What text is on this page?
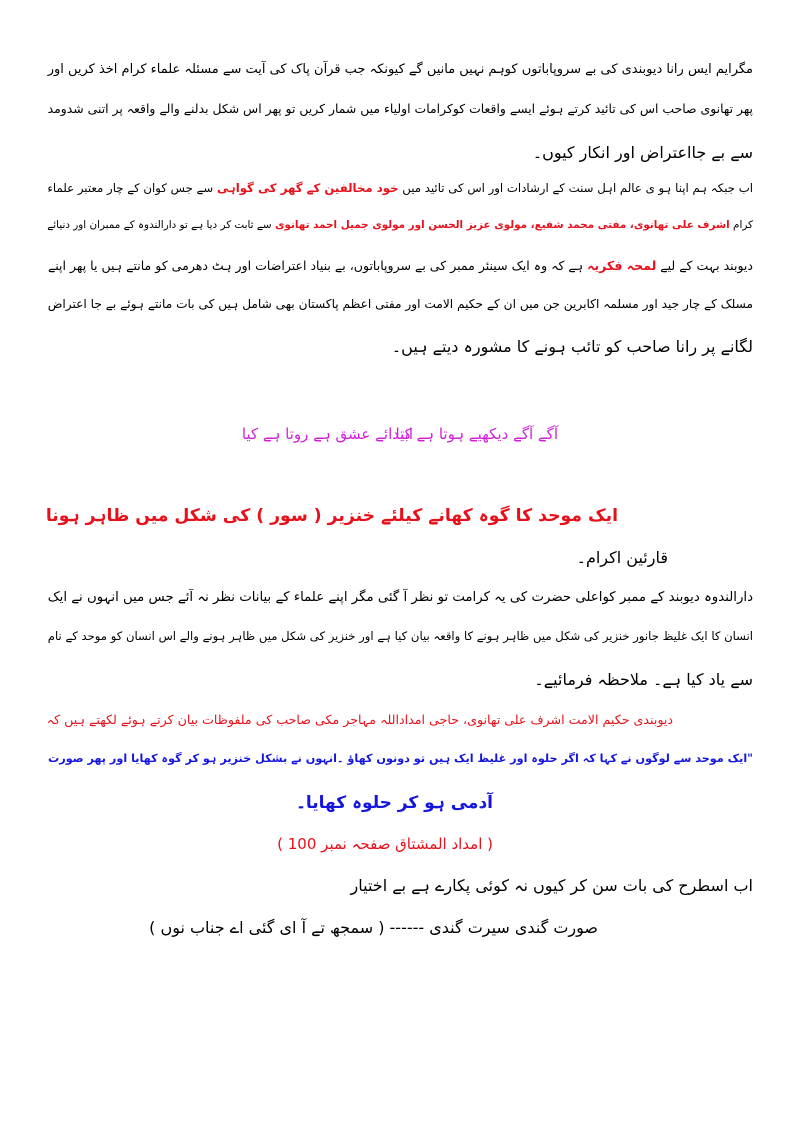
مگرایم ایس رانا دیوبندی کی بے سروپاباتوں کوہم نہیں مانیں گے کیونکہ جب قرآن پاک کی آیت سے مسئلہ علماء کرام اخذ کریں اور
پھر تھانوی صاحب اس کی تائید کرتے ہوئے ایسے واقعات کوکرامات اولیاء میں شمار کریں تو پھر اس شکل بدلنے والے واقعہ پر اتنی شدومد
سے بے جااعتراض اور انکار کیوں۔
اب جبکہ ہم اپنا ہو ی عالم اہل سنت کے ارشادات اور اس کی تائید میں خود مخالفین کے گھر کی گواہی سے جس کوان کے چار معتبر علماء
کرام اشرف علی تھانوی، مفتی محمد شفیع، مولوی عزیز الحسن اور مولوی جمیل احمد تھانوی سے ثابت کر دیا ہے تو دارالندوہ کے ممبران اور دنیائے
دیوبند بہت کے لیے لمحہ فکریہ ہے کہ وہ ایک سینئر ممبر کی بے سروپاباتوں، بے بنیاد اعتراضات اور ہٹ دھرمی کو مانتے ہیں یا پھر اپنے
مسلک کے چار جید اور مسلمہ اکابرین جن میں ان کے حکیم الامت اور مفتی اعظم پاکستان بھی شامل ہیں کی بات مانتے ہوئے بے جا اعتراض
لگانے پر رانا صاحب کو تائب ہونے کا مشورہ دیتے ہیں۔
آگے آگے دیکھیے ہوتا ہے کیا
ابتدائے عشق ہے روتا ہے کیا
ایک موحد کا گوہ کھانے کیلئے خنزیر ( سور ) کی شکل میں ظاہر ہونا
قارئین اکرام۔
دارالندوہ دیوبند کے ممبر کواعلی حضرت کی یہ کرامت تو نظر آ گئی مگر اپنے علماء کے بیانات نظر نہ آئے جس میں انہوں نے ایک
انسان کا ایک غلیظ جانور خنزیر کی شکل میں ظاہر ہونے کا واقعہ بیان کیا ہے اور خنزیر کی شکل میں ظاہر ہونے والے اس انسان کو موحد کے نام
سے یاد کیا ہے۔ ملاحظہ فرمائیے۔
دیوبندی حکیم الامت اشرف علی تھانوی، حاجی امداداللہ مہاجر مکی صاحب کی ملفوظات بیان کرتے ہوئے لکھتے ہیں کہ
"ایک موحد سے لوگوں نے کہا کہ اگر حلوہ اور غلیظ ایک ہیں تو دونوں کھاؤ ۔انہوں نے بشکل خنزیر ہو کر گوہ کھایا اور پھر صورت
آدمی ہو کر حلوہ کھایا۔
( امداد المشتاق صفحہ نمبر 100 )
اب اسطرح کی بات سن کر کیوں نہ کوئی پکارے ہے بے اختیار
صورت گندی سیرت گندی ------ ( سمجھ تے آ ای گئی اے جناب نوں )
